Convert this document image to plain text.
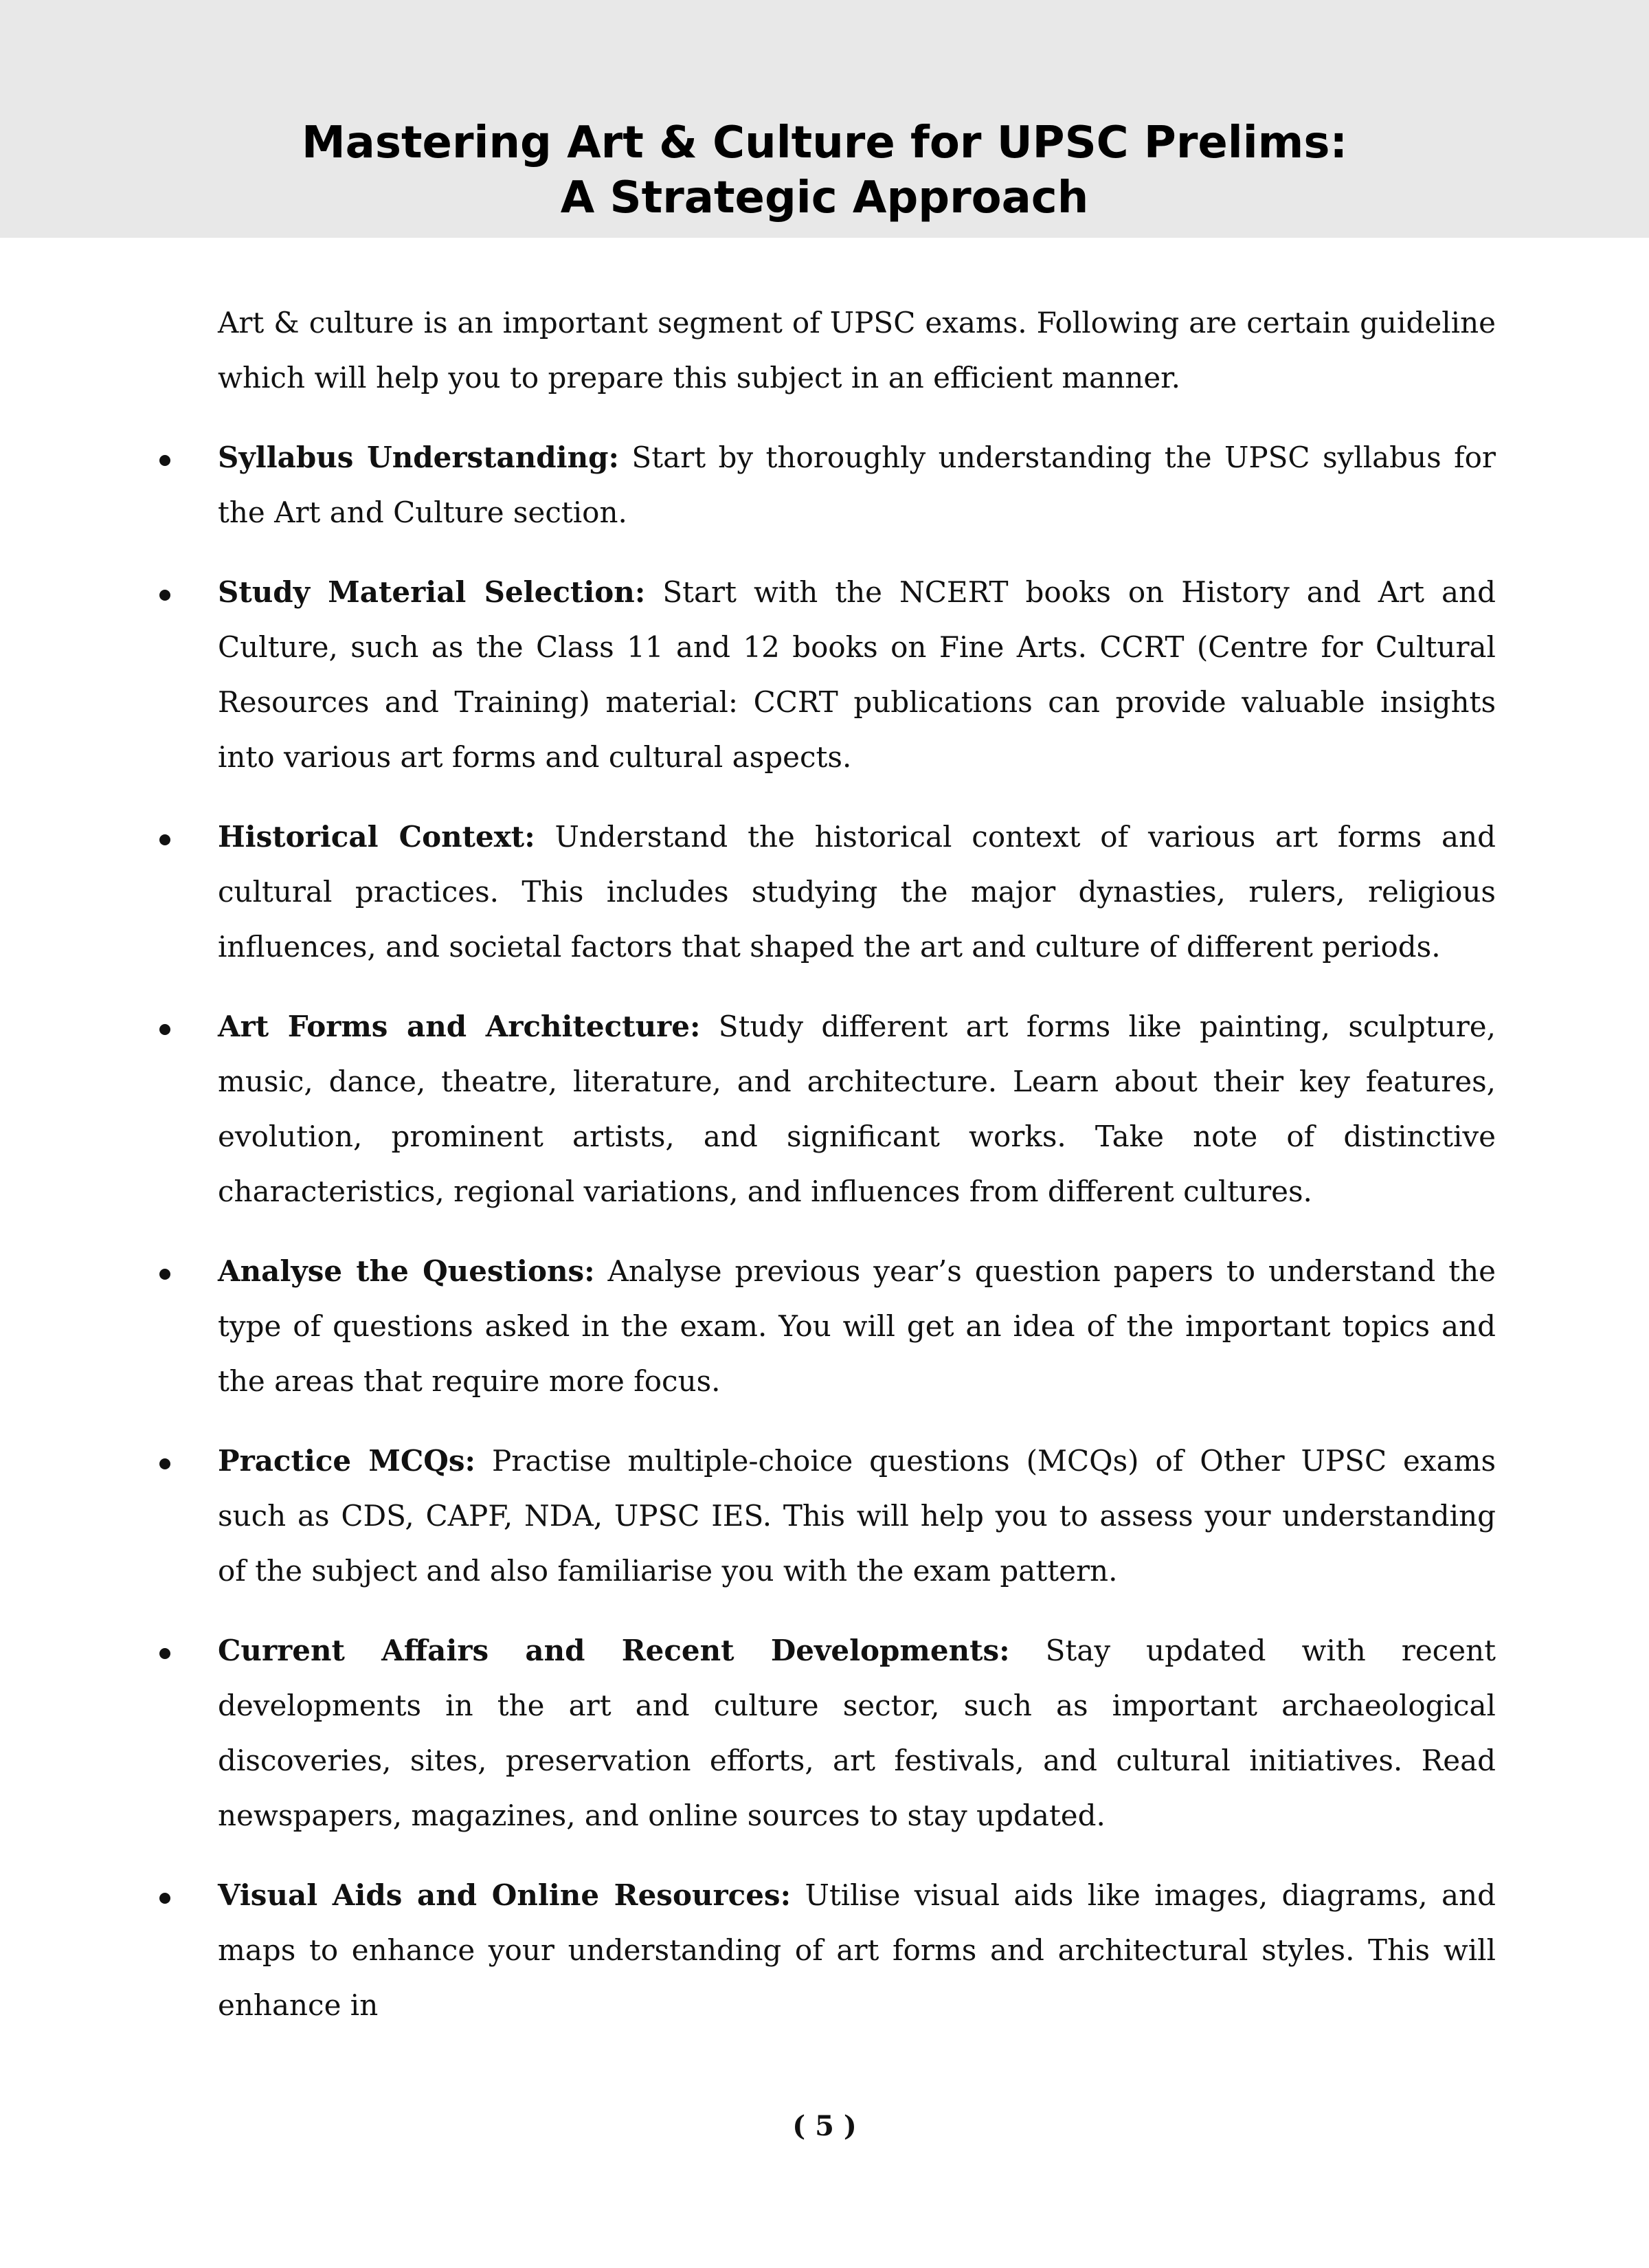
Mastering Art & Culture for UPSC Prelims:
A Strategic Approach

Art & culture is an important segment of UPSC exams. Following are certain guideline which will help you to prepare this subject in an efficient manner.

Syllabus Understanding: Start by thoroughly understanding the UPSC syllabus for the Art and Culture section.
Study Material Selection: Start with the NCERT books on History and Art and Culture, such as the Class 11 and 12 books on Fine Arts. CCRT (Centre for Cultural Resources and Training) material: CCRT publications can provide valuable insights into various art forms and cultural aspects.
Historical Context: Understand the historical context of various art forms and cultural practices. This includes studying the major dynasties, rulers, religious influences, and societal factors that shaped the art and culture of different periods.
Art Forms and Architecture: Study different art forms like painting, sculpture, music, dance, theatre, literature, and architecture. Learn about their key features, evolution, prominent artists, and significant works. Take note of distinctive characteristics, regional variations, and influences from different cultures.
Analyse the Questions: Analyse previous year’s question papers to understand the type of questions asked in the exam. You will get an idea of the important topics and the areas that require more focus.
Practice MCQs: Practise multiple-choice questions (MCQs) of Other UPSC exams such as CDS, CAPF, NDA, UPSC IES. This will help you to assess your understanding of the subject and also familiarise you with the exam pattern.
Current Affairs and Recent Developments: Stay updated with recent developments in the art and culture sector, such as important archaeological discoveries, sites, preservation efforts, art festivals, and cultural initiatives. Read newspapers, magazines, and online sources to stay updated.
Visual Aids and Online Resources: Utilise visual aids like images, diagrams, and maps to enhance your understanding of art forms and architectural styles. This will enhance in
( 5 )
